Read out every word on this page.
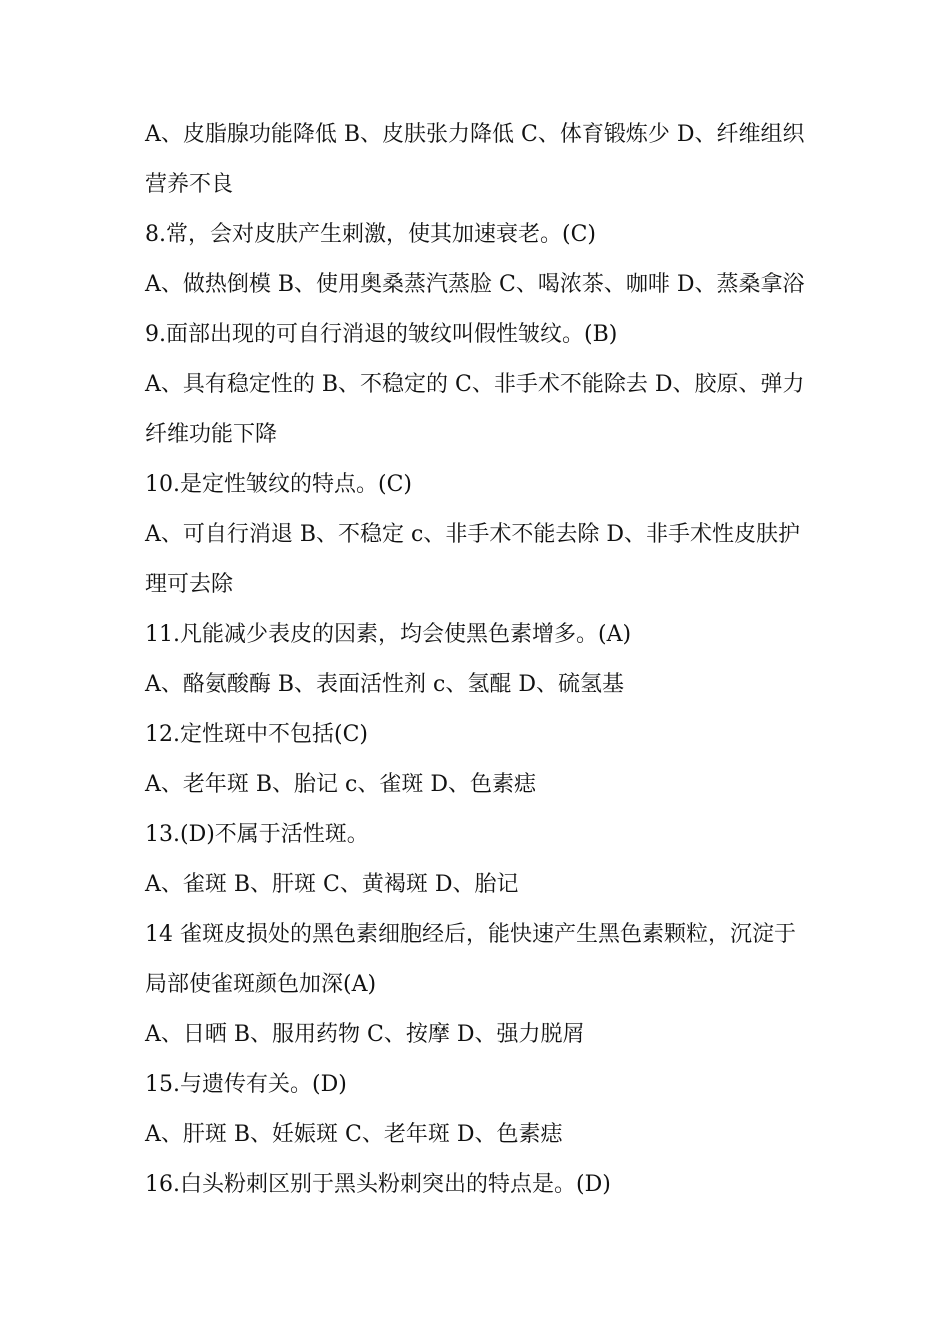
A、皮脂腺功能降低 B、皮肤张力降低 C、体育锻炼少 D、纤维组织
营养不良
8.常，会对皮肤产生刺激，使其加速衰老。(C)
A、做热倒模 B、使用奥桑蒸汽蒸脸 C、喝浓茶、咖啡 D、蒸桑拿浴
9.面部出现的可自行消退的皱纹叫假性皱纹。(B)
A、具有稳定性的 B、不稳定的 C、非手术不能除去 D、胶原、弹力
纤维功能下降
10.是定性皱纹的特点。(C)
A、可自行消退 B、不稳定 c、非手术不能去除 D、非手术性皮肤护
理可去除
11.凡能减少表皮的因素，均会使黑色素增多。(A)
A、酪氨酸酶 B、表面活性剂 c、氢醌 D、硫氢基
12.定性斑中不包括(C)
A、老年斑 B、胎记 c、雀斑 D、色素痣
13.(D)不属于活性斑。
A、雀斑 B、肝斑 C、黄褐斑 D、胎记
14 雀斑皮损处的黑色素细胞经后，能快速产生黑色素颗粒，沉淀于
局部使雀斑颜色加深(A)
A、日晒 B、服用药物 C、按摩 D、强力脱屑
15.与遗传有关。(D)
A、肝斑 B、妊娠斑 C、老年斑 D、色素痣
16.白头粉刺区别于黑头粉刺突出的特点是。(D)
